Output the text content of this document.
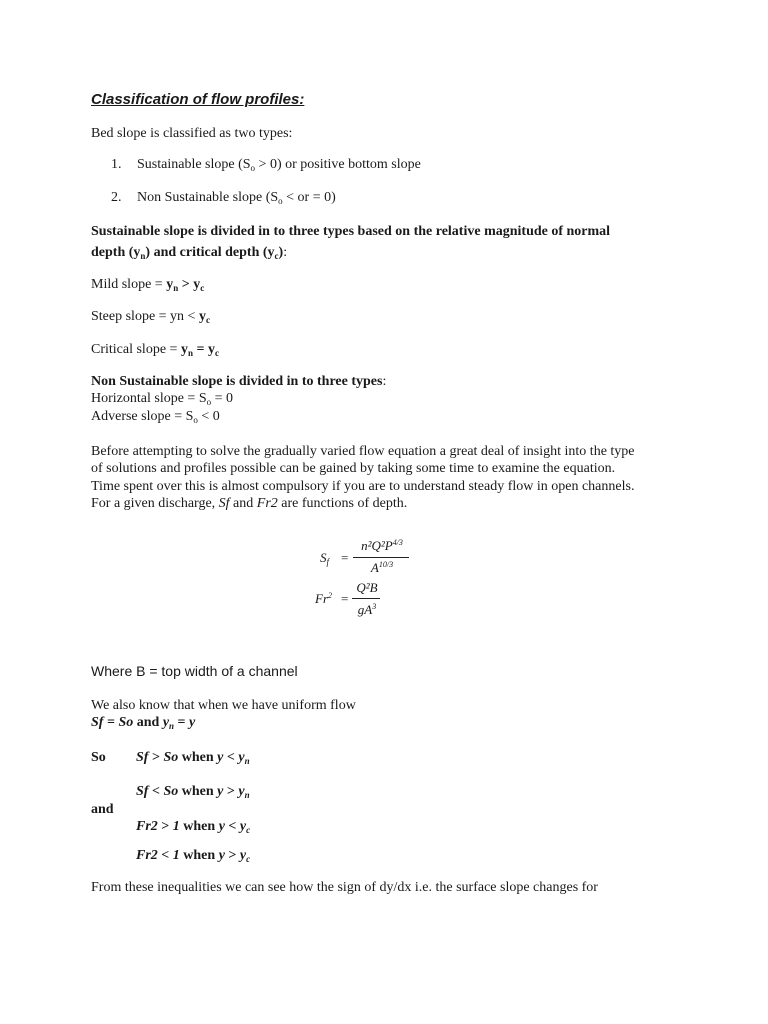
Classification of flow profiles:
Bed slope is classified as two types:
1. Sustainable slope $(S_o > 0)$ or positive bottom slope
2. Non Sustainable slope ($S_o$ < or = 0)
Sustainable slope is divided in to three types based on the relative magnitude of normal
depth $(y_n)$ and critical depth $(y_c)$:
Mild slope = $y_n > y_c$
Steep slope = yn < $y_c$
Critical slope = $y_n = y_c$
Non Sustainable slope is divided in to three types:
Horizontal slope = $S_o = 0$
Adverse slope = $S_o < 0$
Before attempting to solve the gradually varied flow equation a great deal of insight into the type
of solutions and profiles possible can be gained by taking some time to examine the equation.
Time spent over this is almost compulsory if you are to understand steady flow in open channels.
For a given discharge, Sf and Fr2 are functions of depth.
$S_f$ =
$n^2Q^2P^{4/3}$
$A^{10/3}$
$Fr^2$ =
Q²B
$gA^3$
Where B = top width of a channel
We also know that when we have uniform flow
Sf = So and $y_n = y$
So Sf > So when $y < y_n$
Sf < So when $y > y_n$
and
Fr2 > 1 when $y < y_c$
Fr2 < 1 when $y > y_c$
From these inequalities we can see how the sign of dy/dx i.e. the surface slope changes for
